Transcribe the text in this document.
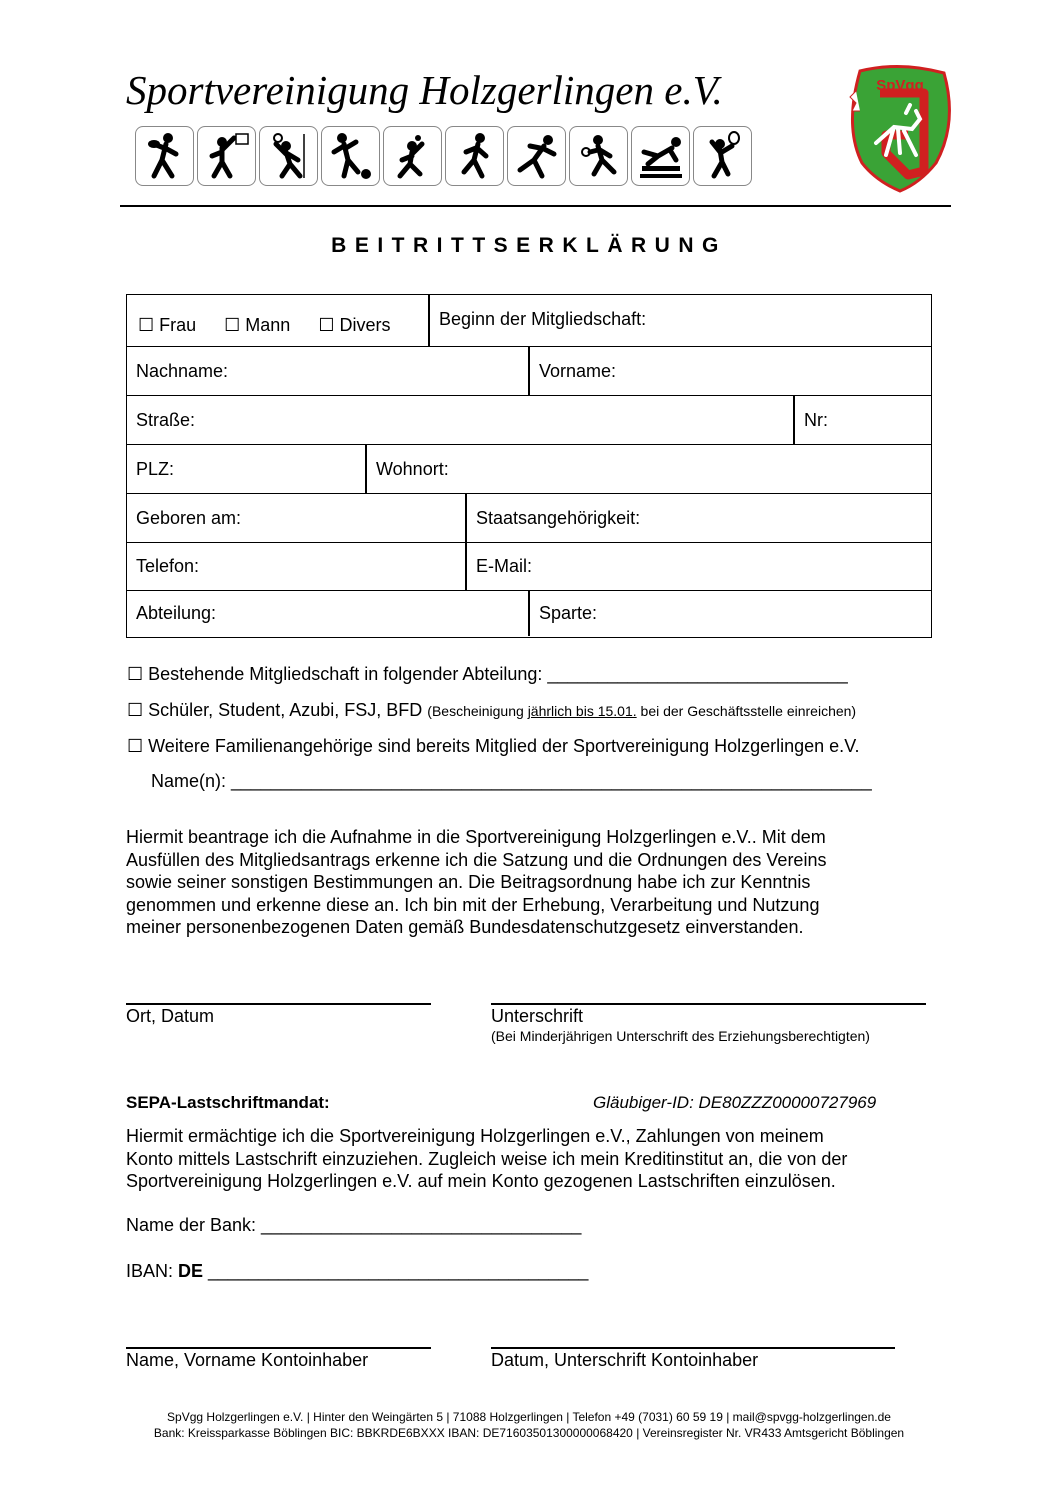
Sportvereinigung Holzgerlingen e.V.	SpVgg
BEITRITTSERKLÄRUNG
☐ Frau ☐ Mann ☐ Divers	Beginn der Mitgliedschaft:
Nachname:	Vorname:
Straße:	Nr:
PLZ:	Wohnort:
Geboren am:	Staatsangehörigkeit:
Telefon:	E-Mail:
Abteilung:	Sparte:
☐ Bestehende Mitgliedschaft in folgender Abteilung: ______________________________
☐ Schüler, Student, Azubi, FSJ, BFD (Bescheinigung jährlich bis 15.01. bei der Geschäftsstelle einreichen)
☐ Weitere Familienangehörige sind bereits Mitglied der Sportvereinigung Holzgerlingen e.V.
Name(n): ________________________________________________________________
Hiermit beantrage ich die Aufnahme in die Sportvereinigung Holzgerlingen e.V.. Mit dem
Ausfüllen des Mitgliedsantrags erkenne ich die Satzung und die Ordnungen des Vereins
sowie seiner sonstigen Bestimmungen an. Die Beitragsordnung habe ich zur Kenntnis
genommen und erkenne diese an. Ich bin mit der Erhebung, Verarbeitung und Nutzung
meiner personenbezogenen Daten gemäß Bundesdatenschutzgesetz einverstanden.
Ort, Datum	Unterschrift
(Bei Minderjährigen Unterschrift des Erziehungsberechtigten)
SEPA-Lastschriftmandat:	Gläubiger-ID: DE80ZZZ00000727969
Hiermit ermächtige ich die Sportvereinigung Holzgerlingen e.V., Zahlungen von meinem
Konto mittels Lastschrift einzuziehen. Zugleich weise ich mein Kreditinstitut an, die von der
Sportvereinigung Holzgerlingen e.V. auf mein Konto gezogenen Lastschriften einzulösen.
Name der Bank: ________________________________
IBAN: DE ______________________________________
Name, Vorname Kontoinhaber	Datum, Unterschrift Kontoinhaber
SpVgg Holzgerlingen e.V. | Hinter den Weingärten 5 | 71088 Holzgerlingen | Telefon +49 (7031) 60 59 19 | mail@spvgg-holzgerlingen.de
Bank: Kreissparkasse Böblingen BIC: BBKRDE6BXXX IBAN: DE71603501300000068420 | Vereinsregister Nr. VR433 Amtsgericht Böblingen
